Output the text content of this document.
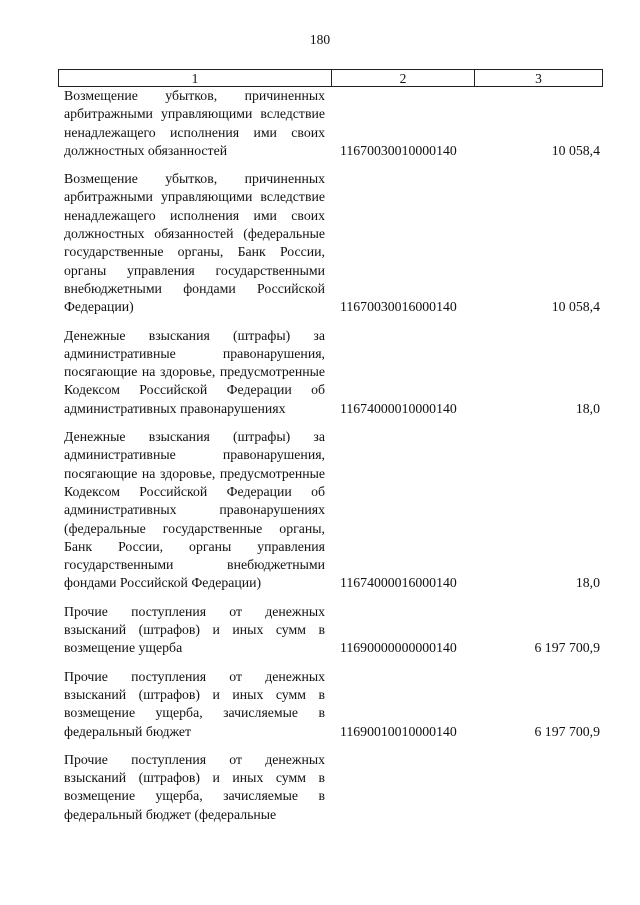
180
1	2	3
Возмещение убытков, причиненных арбитражными управляющими вследствие ненадлежащего исполнения ими своих должностных обязанностей	11670030010000140	10 058,4
Возмещение убытков, причиненных арбитражными управляющими вследствие ненадлежащего исполнения ими своих должностных обязанностей (федеральные государственные органы, Банк России, органы управления государственными внебюджетными фондами Российской Федерации)	11670030016000140	10 058,4
Денежные взыскания (штрафы) за административные правонарушения, посягающие на здоровье, предусмотренные Кодексом Российской Федерации об административных правонарушениях	11674000010000140	18,0
Денежные взыскания (штрафы) за административные правонарушения, посягающие на здоровье, предусмотренные Кодексом Российской Федерации об административных правонарушениях (федеральные государственные органы, Банк России, органы управления государственными внебюджетными фондами Российской Федерации)	11674000016000140	18,0
Прочие поступления от денежных взысканий (штрафов) и иных сумм в возмещение ущерба	11690000000000140	6 197 700,9
Прочие поступления от денежных взысканий (штрафов) и иных сумм в возмещение ущерба, зачисляемые в федеральный бюджет	11690010010000140	6 197 700,9
Прочие поступления от денежных взысканий (штрафов) и иных сумм в возмещение ущерба, зачисляемые в федеральный бюджет (федеральные
